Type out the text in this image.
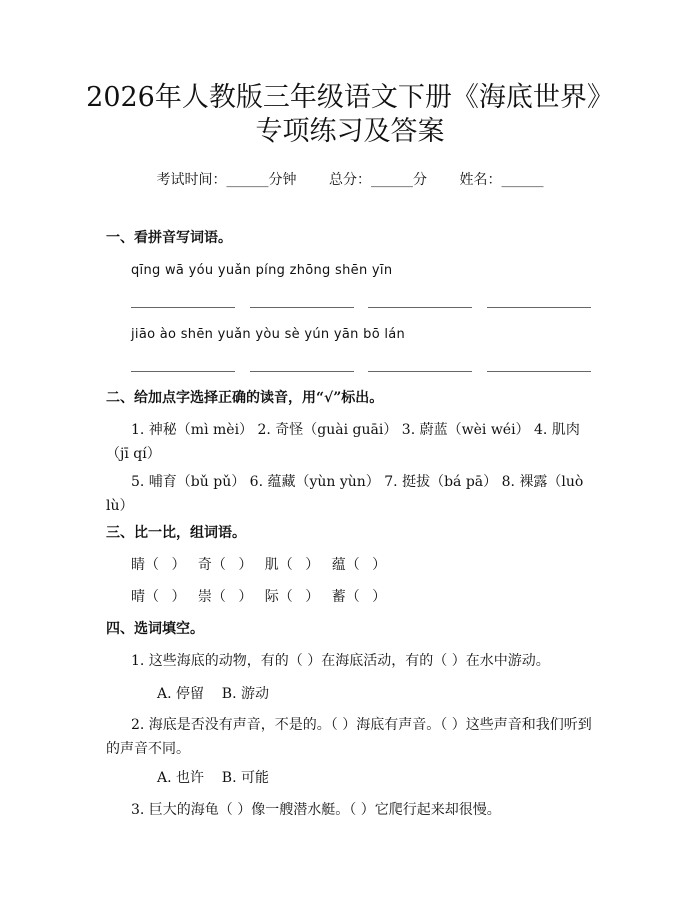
2026年人教版三年级语文下册《海底世界》
专项练习及答案
考试时间：______分钟 总分：______分 姓名：______
一、看拼音写词语。
qīng wā yóu yuǎn píng zhōng shēn yīn
jiāo ào shēn yuǎn yòu sè yún yān bō lán
二、给加点字选择正确的读音，用“√”标出。
1. 神秘（mì mèi） 2. 奇怪（guài guāi） 3. 蔚蓝（wèi wéi） 4. 肌肉（jī qí）
5. 哺育（bǔ pǔ） 6. 蕴藏（yùn yùn） 7. 挺拔（bá pā） 8. 裸露（luò lù）
三、比一比，组词语。
睛（ ） 奇（ ） 肌（ ） 蕴（ ）
晴（ ） 崇（ ） 际（ ） 蓄（ ）
四、选词填空。
1. 这些海底的动物，有的（ ）在海底活动，有的（ ）在水中游动。
A. 停留    B. 游动
2. 海底是否没有声音，不是的。（ ）海底有声音。（ ）这些声音和我们听到的声音不同。
A. 也许    B. 可能
3. 巨大的海龟（ ）像一艘潜水艇。（ ）它爬行起来却很慢。
